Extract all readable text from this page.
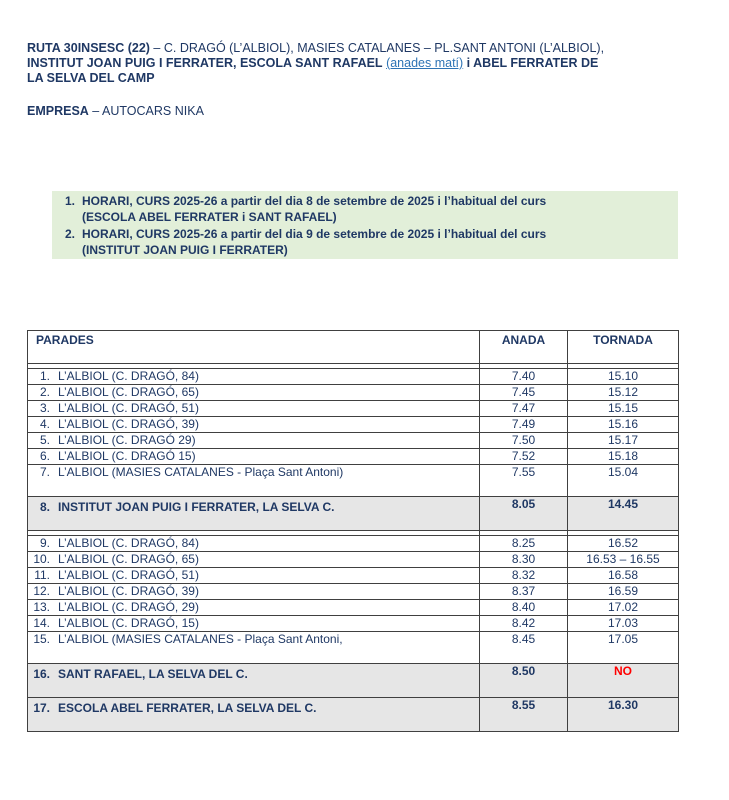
RUTA 30INSESC (22) – C. DRAGÓ (L’ALBIOL), MASIES CATALANES – PL.SANT ANTONI (L’ALBIOL),
INSTITUT JOAN PUIG I FERRATER, ESCOLA SANT RAFAEL (anades matí) i ABEL FERRATER DE
LA SELVA DEL CAMP
EMPRESA – AUTOCARS NIKA
1. HORARI, CURS 2025-26 a partir del dia 8 de setembre de 2025 i l’habitual del curs
(ESCOLA ABEL FERRATER i SANT RAFAEL)
2. HORARI, CURS 2025-26 a partir del dia 9 de setembre de 2025 i l’habitual del curs
(INSTITUT JOAN PUIG I FERRATER)
PARADES	ANADA	TORNADA

1. L’ALBIOL (C. DRAGÓ, 84)	7.40	15.10

2. L’ALBIOL (C. DRAGÓ, 65)	7.45	15.12

3. L’ALBIOL (C. DRAGÓ, 51)	7.47	15.15

4. L’ALBIOL (C. DRAGÓ, 39)	7.49	15.16

5. L’ALBIOL (C. DRAGÓ 29)	7.50	15.17

6. L’ALBIOL (C. DRAGÓ 15)	7.52	15.18

7. L’ALBIOL (MASIES CATALANES - Plaça Sant Antoni)	7.55	15.04

8. INSTITUT JOAN PUIG I FERRATER, LA SELVA C.	8.05	14.45

9. L’ALBIOL (C. DRAGÓ, 84)	8.25	16.52

10. L’ALBIOL (C. DRAGÓ, 65)	8.30	16.53 – 16.55

11. L’ALBIOL (C. DRAGÓ, 51)	8.32	16.58

12. L’ALBIOL (C. DRAGÓ, 39)	8.37	16.59

13. L’ALBIOL (C. DRAGÓ, 29)	8.40	17.02

14. L’ALBIOL (C. DRAGÓ, 15)	8.42	17.03

15. L’ALBIOL (MASIES CATALANES - Plaça Sant Antoni,	8.45	17.05

16. SANT RAFAEL, LA SELVA DEL C.	8.50	NO

17. ESCOLA ABEL FERRATER, LA SELVA DEL C.	8.55	16.30
